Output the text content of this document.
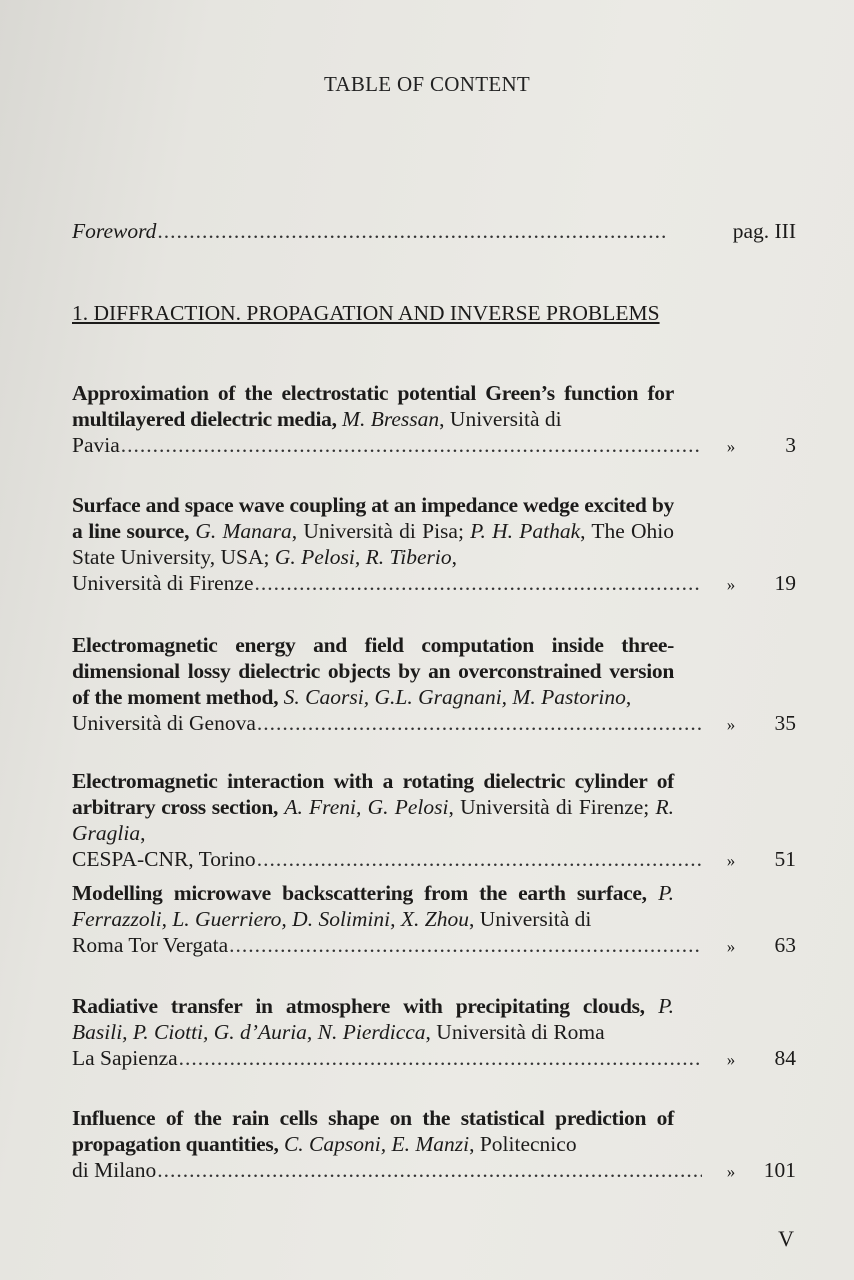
TABLE OF CONTENT
Foreword .....	pag. III
1. DIFFRACTION. PROPAGATION AND INVERSE PROBLEMS
Approximation of the electrostatic potential Green’s function for multilayered dielectric media, M. Bressan, Università di
Pavia .....	»	3
Surface and space wave coupling at an impedance wedge excited by a line source, G. Manara, Università di Pisa; P. H. Pathak, The Ohio State University, USA; G. Pelosi, R. Tiberio,
Università di Firenze .....	»	19
Electromagnetic energy and field computation inside three-dimensional lossy dielectric objects by an overconstrained version of the moment method, S. Caorsi, G.L. Gragnani, M. Pastorino,
Università di Genova .....	»	35
Electromagnetic interaction with a rotating dielectric cylinder of arbitrary cross section, A. Freni, G. Pelosi, Università di Firenze; R. Graglia,
CESPA-CNR, Torino .....	»	51
Modelling microwave backscattering from the earth surface, P. Ferrazzoli, L. Guerriero, D. Solimini, X. Zhou, Università di
Roma Tor Vergata .....	»	63
Radiative transfer in atmosphere with precipitating clouds, P. Basili, P. Ciotti, G. d’Auria, N. Pierdicca, Università di Roma
La Sapienza .....	»	84
Influence of the rain cells shape on the statistical prediction of propagation quantities, C. Capsoni, E. Manzi, Politecnico
di Milano .....	»	101
V
